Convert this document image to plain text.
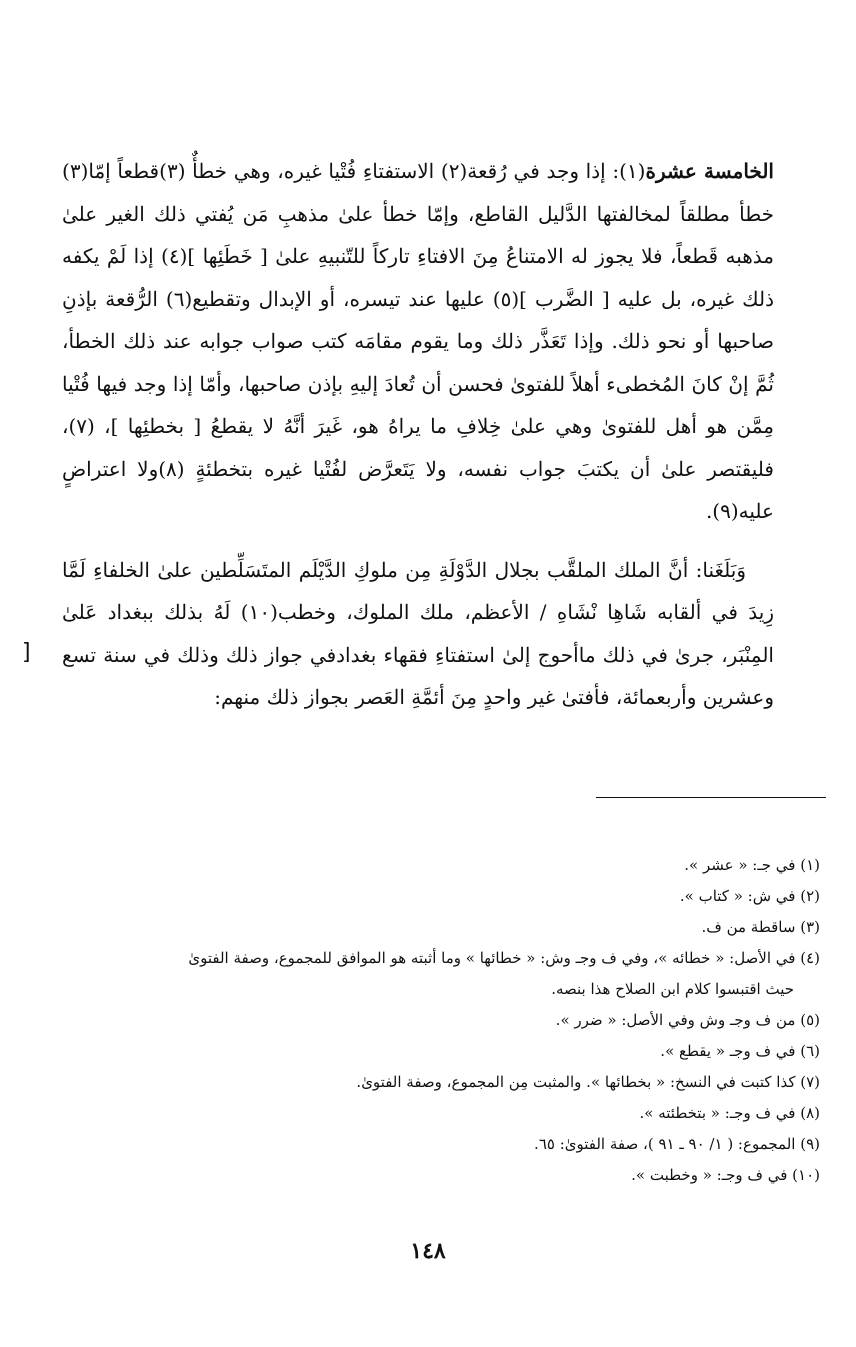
الخامسة عشرة(١): إذا وجد في رُقعة(٢) الاستفتاءِ فُتْيا غيره، وهي خطأٌ (٣)قطعاً إمّا(٣) خطأ مطلقاً لمخالفتها الدَّليل القاطع، وإمّا خطأ علىٰ مذهبِ مَن يُفتي ذلك الغير علىٰ مذهبه قَطعاً، فلا يجوز له الامتناعُ مِنَ الافتاءِ تاركاً للتّنبيهِ علىٰ [ خَطَئِها ](٤) إذا لَمْ يكفه ذلك غيره، بل عليه [ الضَّرب ](٥) عليها عند تيسره، أو الإبدال وتقطيع(٦) الرُّقعة بإذنِ صاحبها أو نحو ذلك. وإذا تَعَذَّر ذلك وما يقوم مقامَه كتب صواب جوابه عند ذلك الخطأ، ثُمَّ إنْ كانَ المُخطىء أهلاً للفتوىٰ فحسن أن تُعادَ إليهِ بإذن صاحبها، وأمّا إذا وجد فيها فُتْيا مِمَّن هو أهل للفتوىٰ وهي علىٰ خِلافِ ما يراهُ هو، غَيرَ أنَّهُ لا يقطعُ [ بخطئِها ]، (٧)، فليقتصر علىٰ أن يكتبَ جواب نفسه، ولا يَتَعرَّض لفُتْيا غيره بتخطئةٍ (٨)ولا اعتراضٍ عليه(٩).

وَبَلَغَنا: أنَّ الملك الملقَّب بجلال الدَّوْلَةِ مِن ملوكِ الدَّيْلَم المتَسَلِّطين علىٰ الخلفاءِ لَمَّا زِيدَ في ألقابه شَاهِا نْشَاهِ / الأعظم، ملك الملوك، وخطب(١٠) لَهُ بذلك ببغداد عَلىٰ المِنْبَر، جرىٰ في ذلك ماأحوج إلىٰ استفتاءِ فقهاء بغدادفي جواز ذلك وذلك في سنة تسع وعشرين وأربعمائة، فأفتىٰ غير واحدٍ مِنَ أئمَّةِ العَصر بجواز ذلك منهم:

]
(١) في جـ: « عشر ».
(٢) في ش: « كتاب ».
(٣) ساقطة من ف.
(٤) في الأصل: « خطائه »، وفي ف وجـ وش: « خطائها » وما أثبته هو الموافق للمجموع، وصفة الفتوىٰ
حيث اقتبسوا كلام ابن الصلاح هذا بنصه.
(٥) من ف وجـ وش وفي الأصل: « ضرر ».
(٦) في ف وجـ « يقطع ».
(٧) كذا كتبت في النسخ: « بخطائها ». والمثبت مِن المجموع، وصفة الفتوىٰ.
(٨) في ف وجـ: « بتخطئته ».
(٩) المجموع: ( ١/ ٩٠ ـ ٩١ )، صفة الفتوىٰ: ٦٥.
(١٠) في ف وجـ: « وخطبت ».
١٤٨
